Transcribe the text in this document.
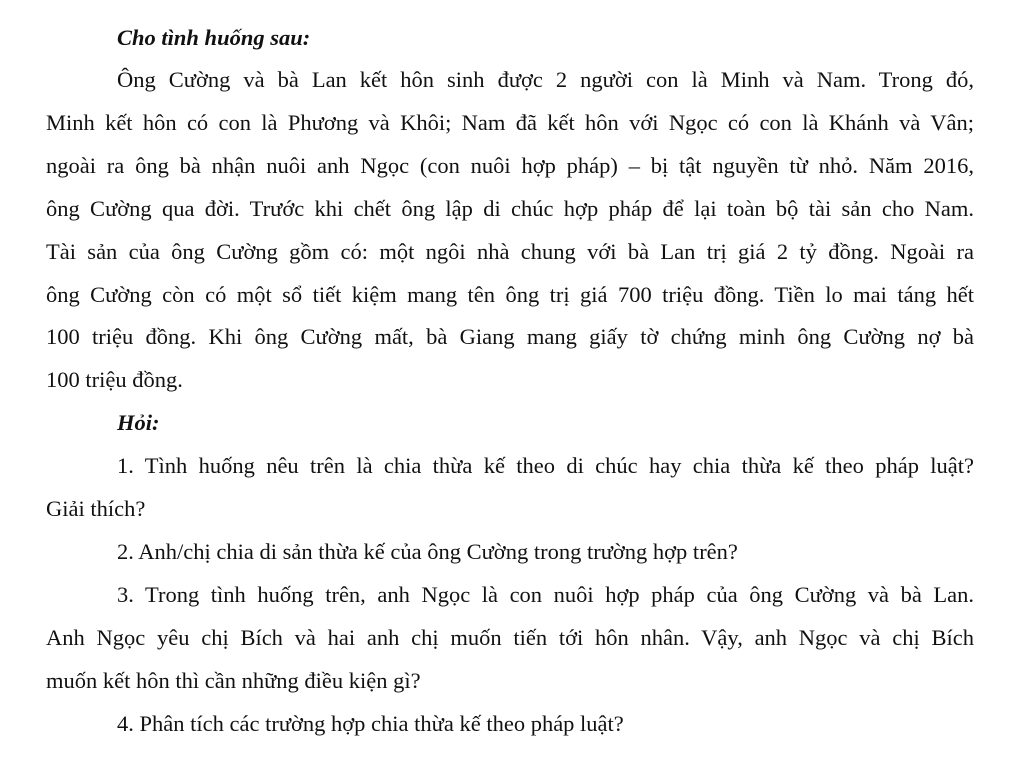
Cho tình huống sau:
Ông Cường và bà Lan kết hôn sinh được 2 người con là Minh và Nam. Trong đó,
Minh kết hôn có con là Phương và Khôi; Nam đã kết hôn với Ngọc có con là Khánh và Vân;
ngoài ra ông bà nhận nuôi anh Ngọc (con nuôi hợp pháp) – bị tật nguyền từ nhỏ. Năm 2016,
ông Cường qua đời. Trước khi chết ông lập di chúc hợp pháp để lại toàn bộ tài sản cho Nam.
Tài sản của ông Cường gồm có: một ngôi nhà chung với bà Lan trị giá 2 tỷ đồng. Ngoài ra
ông Cường còn có một sổ tiết kiệm mang tên ông trị giá 700 triệu đồng. Tiền lo mai táng hết
100 triệu đồng. Khi ông Cường mất, bà Giang mang giấy tờ chứng minh ông Cường nợ bà
100 triệu đồng.
Hỏi:
1. Tình huống nêu trên là chia thừa kế theo di chúc hay chia thừa kế theo pháp luật?
Giải thích?
2. Anh/chị chia di sản thừa kế của ông Cường trong trường hợp trên?
3. Trong tình huống trên, anh Ngọc là con nuôi hợp pháp của ông Cường và bà Lan.
Anh Ngọc yêu chị Bích và hai anh chị muốn tiến tới hôn nhân. Vậy, anh Ngọc và chị Bích
muốn kết hôn thì cần những điều kiện gì?
4. Phân tích các trường hợp chia thừa kế theo pháp luật?
